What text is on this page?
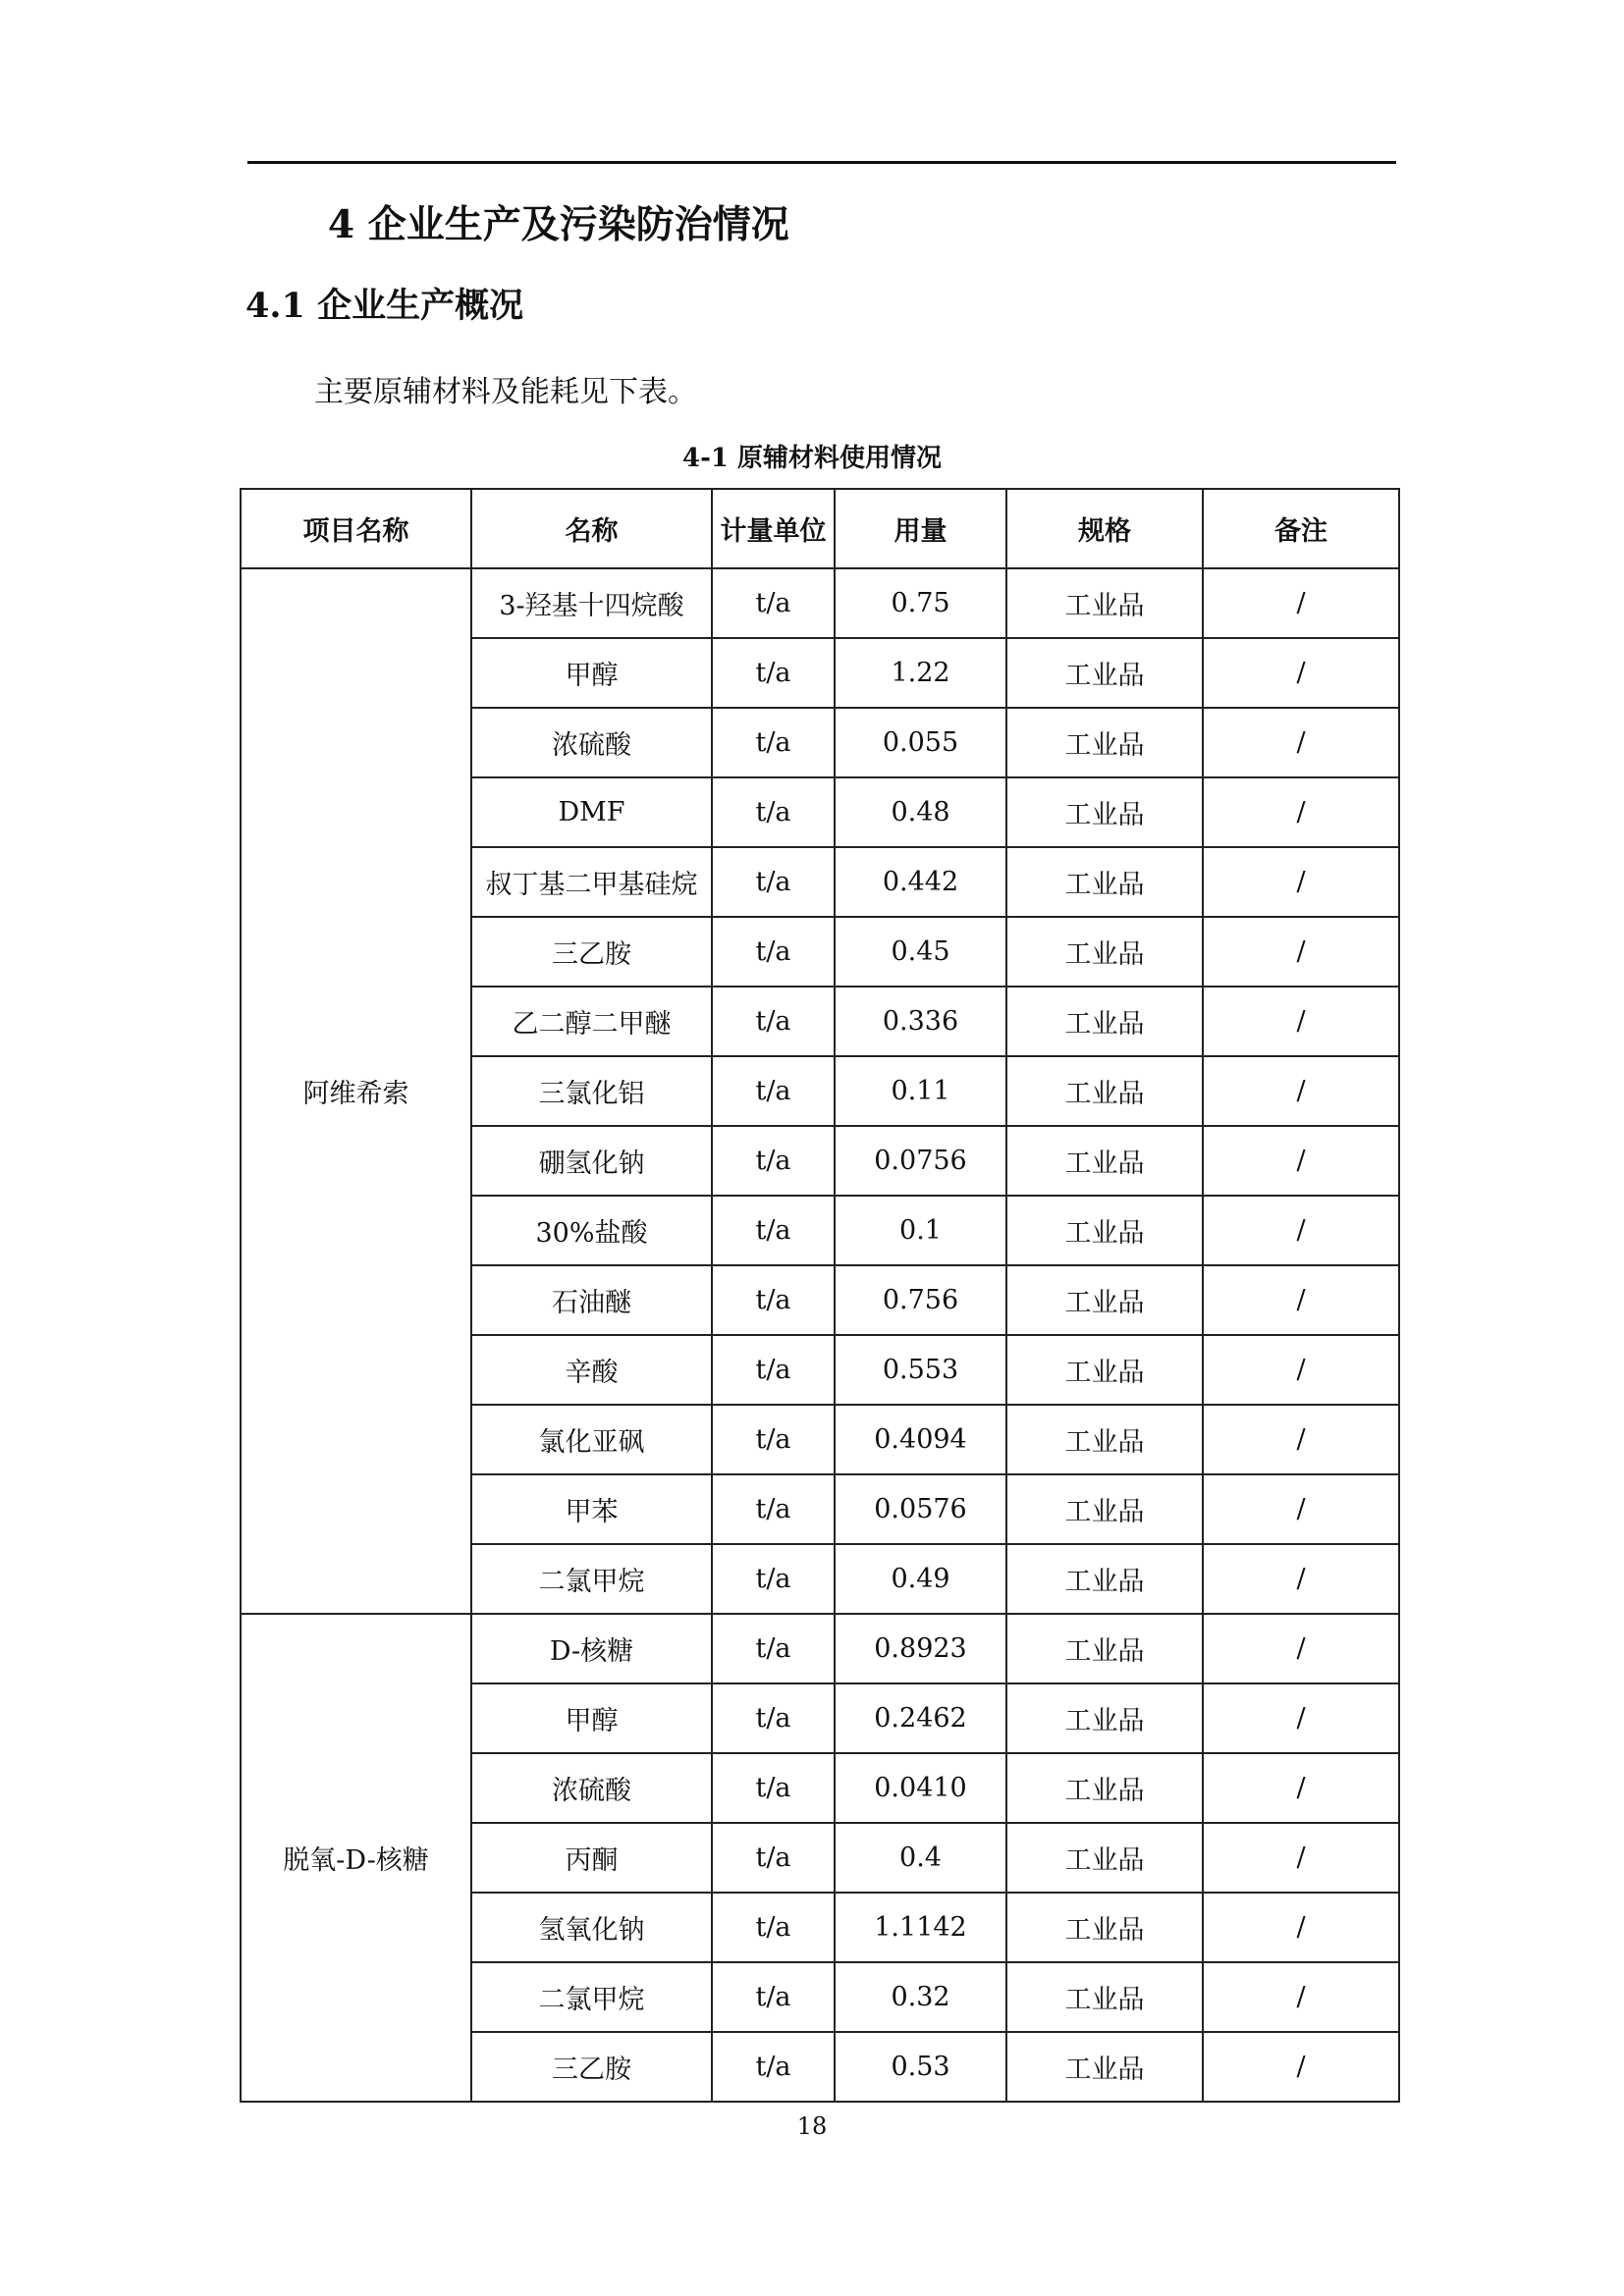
4 企业生产及污染防治情况
4.1 企业生产概况
主要原辅材料及能耗见下表。
4-1 原辅材料使用情况
项目名称	名称	计量单位	用量	规格	备注
阿维希索	3-羟基十四烷酸	t/a	0.75	工业品	/
	甲醇	t/a	1.22	工业品	/
	浓硫酸	t/a	0.055	工业品	/
	DMF	t/a	0.48	工业品	/
	叔丁基二甲基硅烷	t/a	0.442	工业品	/
	三乙胺	t/a	0.45	工业品	/
	乙二醇二甲醚	t/a	0.336	工业品	/
	三氯化铝	t/a	0.11	工业品	/
	硼氢化钠	t/a	0.0756	工业品	/
	30%盐酸	t/a	0.1	工业品	/
	石油醚	t/a	0.756	工业品	/
	辛酸	t/a	0.553	工业品	/
	氯化亚砜	t/a	0.4094	工业品	/
	甲苯	t/a	0.0576	工业品	/
	二氯甲烷	t/a	0.49	工业品	/
脱氧-D-核糖	D-核糖	t/a	0.8923	工业品	/
	甲醇	t/a	0.2462	工业品	/
	浓硫酸	t/a	0.0410	工业品	/
	丙酮	t/a	0.4	工业品	/
	氢氧化钠	t/a	1.1142	工业品	/
	二氯甲烷	t/a	0.32	工业品	/
	三乙胺	t/a	0.53	工业品	/
18
